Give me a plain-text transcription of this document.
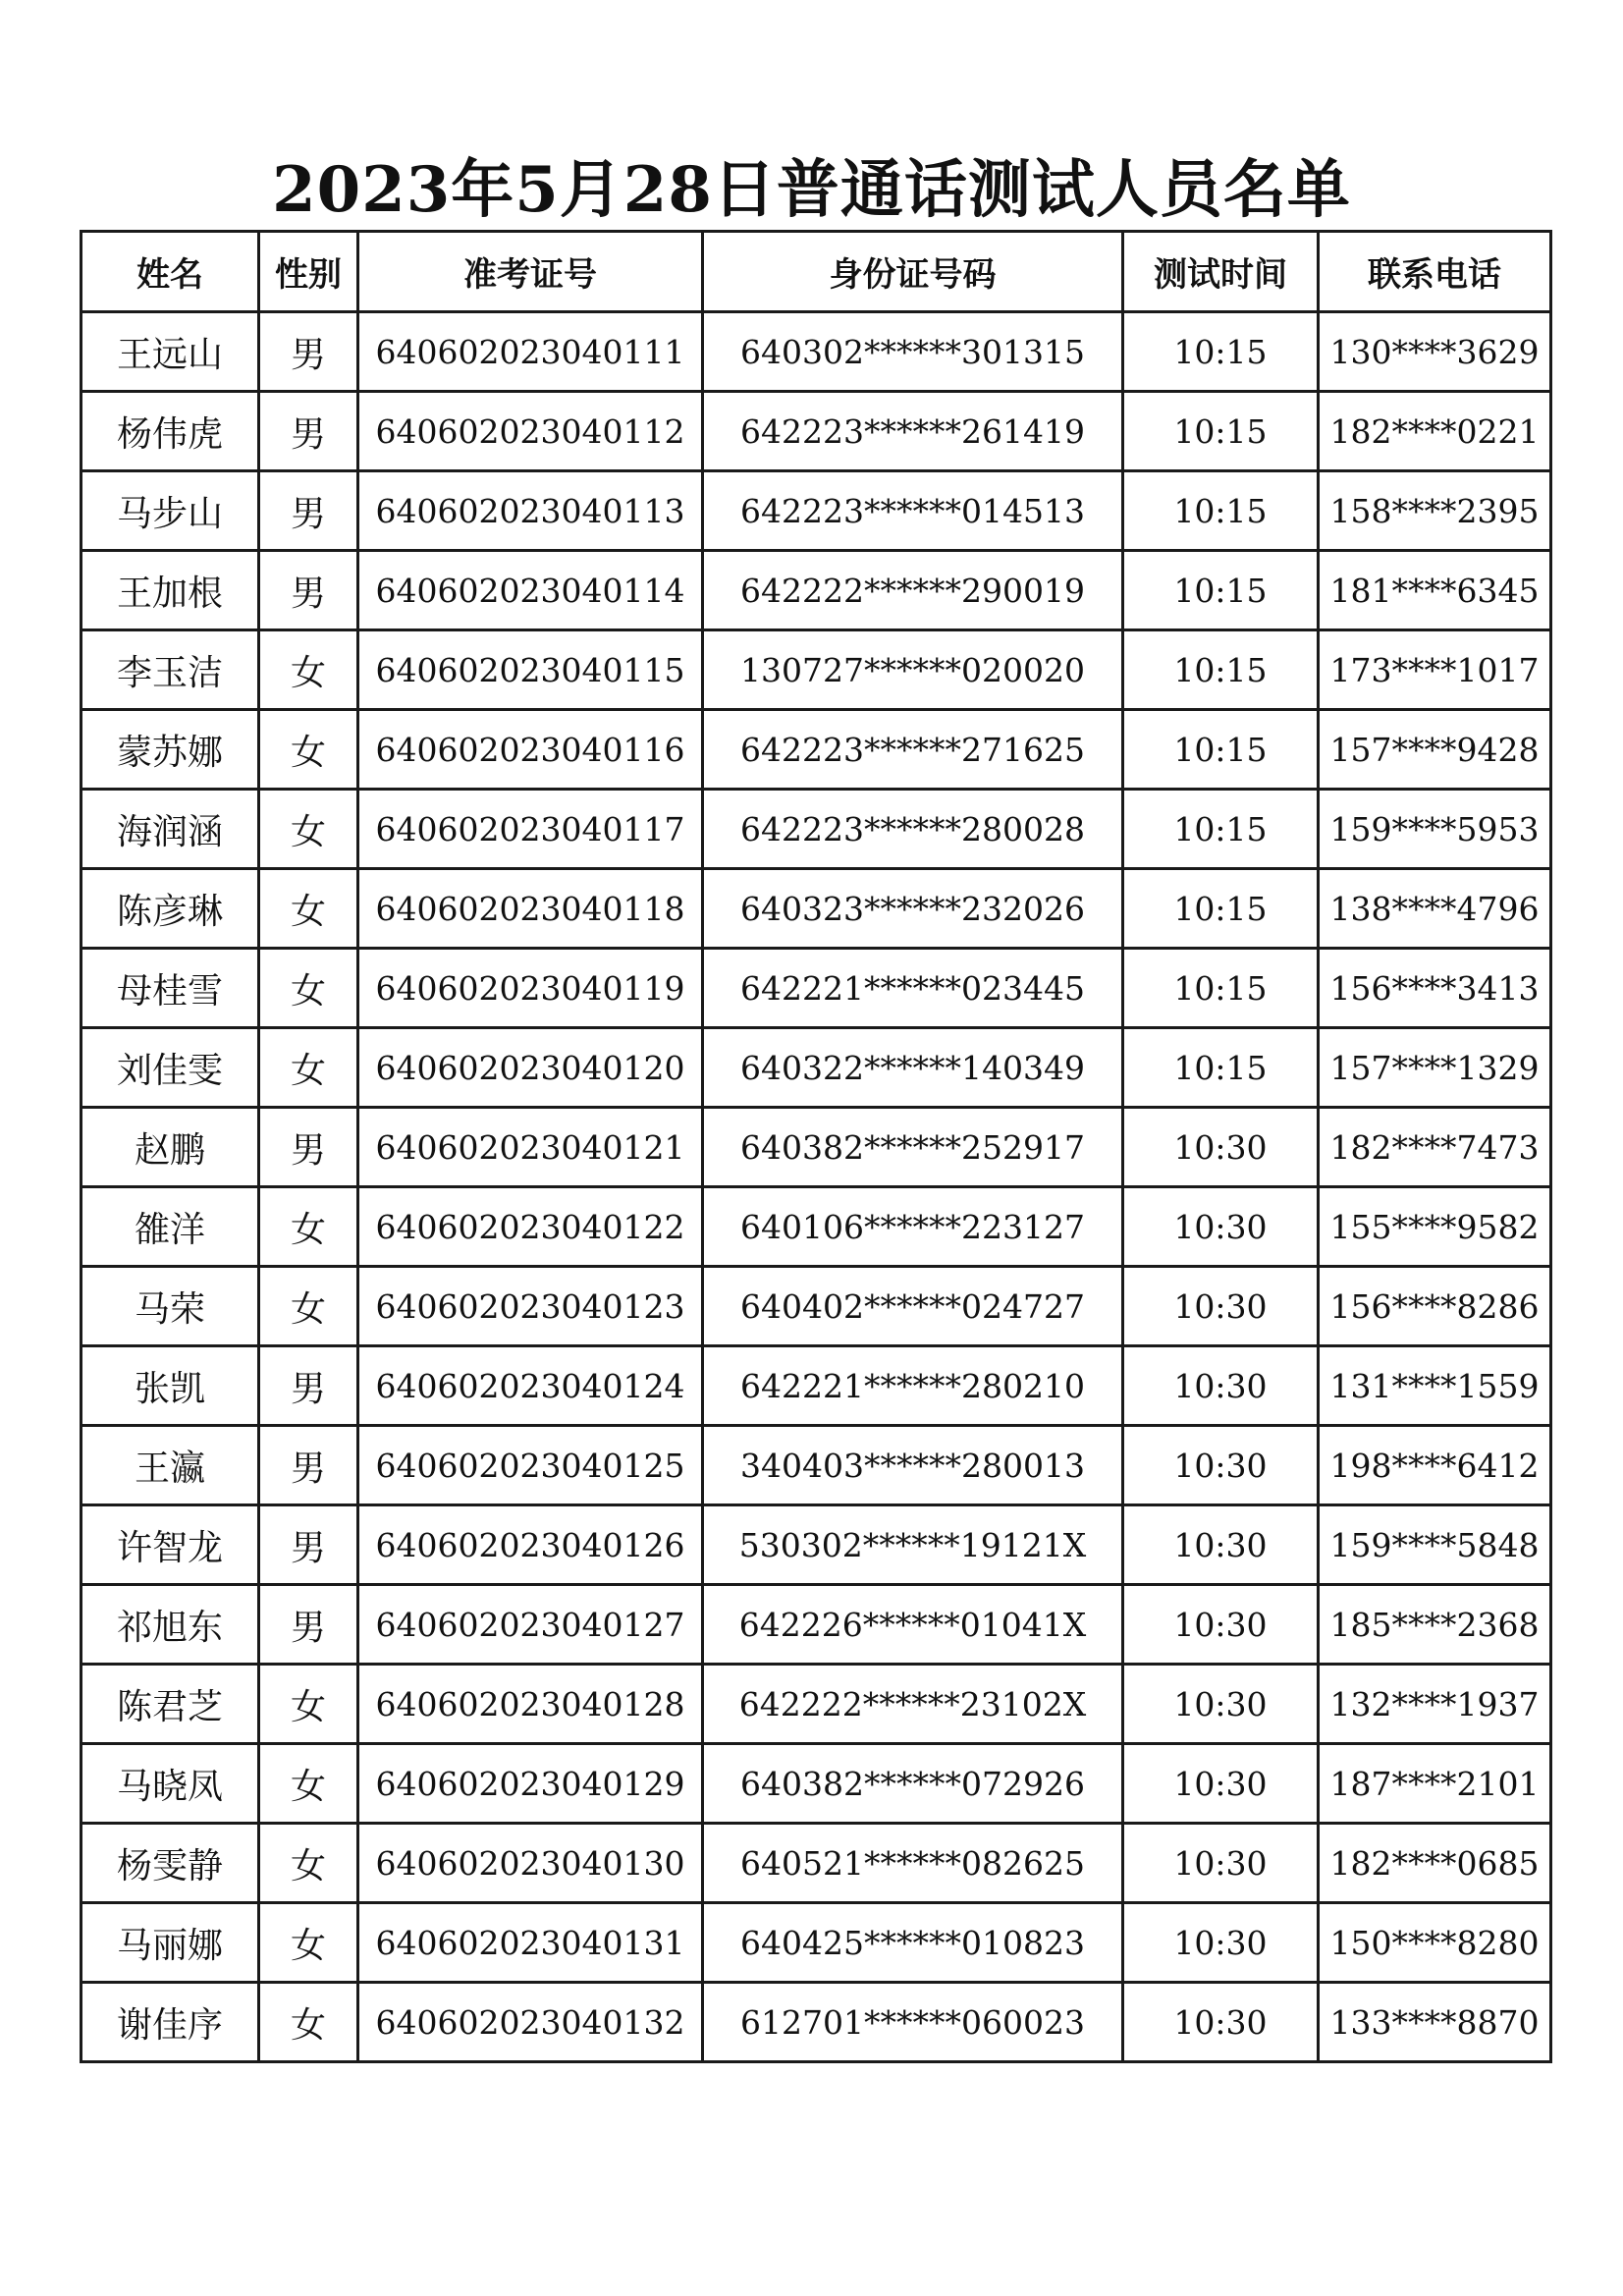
2023年5月28日普通话测试人员名单
姓名	性别	准考证号	身份证号码	测试时间	联系电话
王远山	男	640602023040111	640302******301315	10:15	130****3629
杨伟虎	男	640602023040112	642223******261419	10:15	182****0221
马步山	男	640602023040113	642223******014513	10:15	158****2395
王加根	男	640602023040114	642222******290019	10:15	181****6345
李玉洁	女	640602023040115	130727******020020	10:15	173****1017
蒙苏娜	女	640602023040116	642223******271625	10:15	157****9428
海润涵	女	640602023040117	642223******280028	10:15	159****5953
陈彦琳	女	640602023040118	640323******232026	10:15	138****4796
母桂雪	女	640602023040119	642221******023445	10:15	156****3413
刘佳雯	女	640602023040120	640322******140349	10:15	157****1329
赵鹏	男	640602023040121	640382******252917	10:30	182****7473
雒洋	女	640602023040122	640106******223127	10:30	155****9582
马荣	女	640602023040123	640402******024727	10:30	156****8286
张凯	男	640602023040124	642221******280210	10:30	131****1559
王瀛	男	640602023040125	340403******280013	10:30	198****6412
许智龙	男	640602023040126	530302******19121X	10:30	159****5848
祁旭东	男	640602023040127	642226******01041X	10:30	185****2368
陈君芝	女	640602023040128	642222******23102X	10:30	132****1937
马晓凤	女	640602023040129	640382******072926	10:30	187****2101
杨雯静	女	640602023040130	640521******082625	10:30	182****0685
马丽娜	女	640602023040131	640425******010823	10:30	150****8280
谢佳序	女	640602023040132	612701******060023	10:30	133****8870
